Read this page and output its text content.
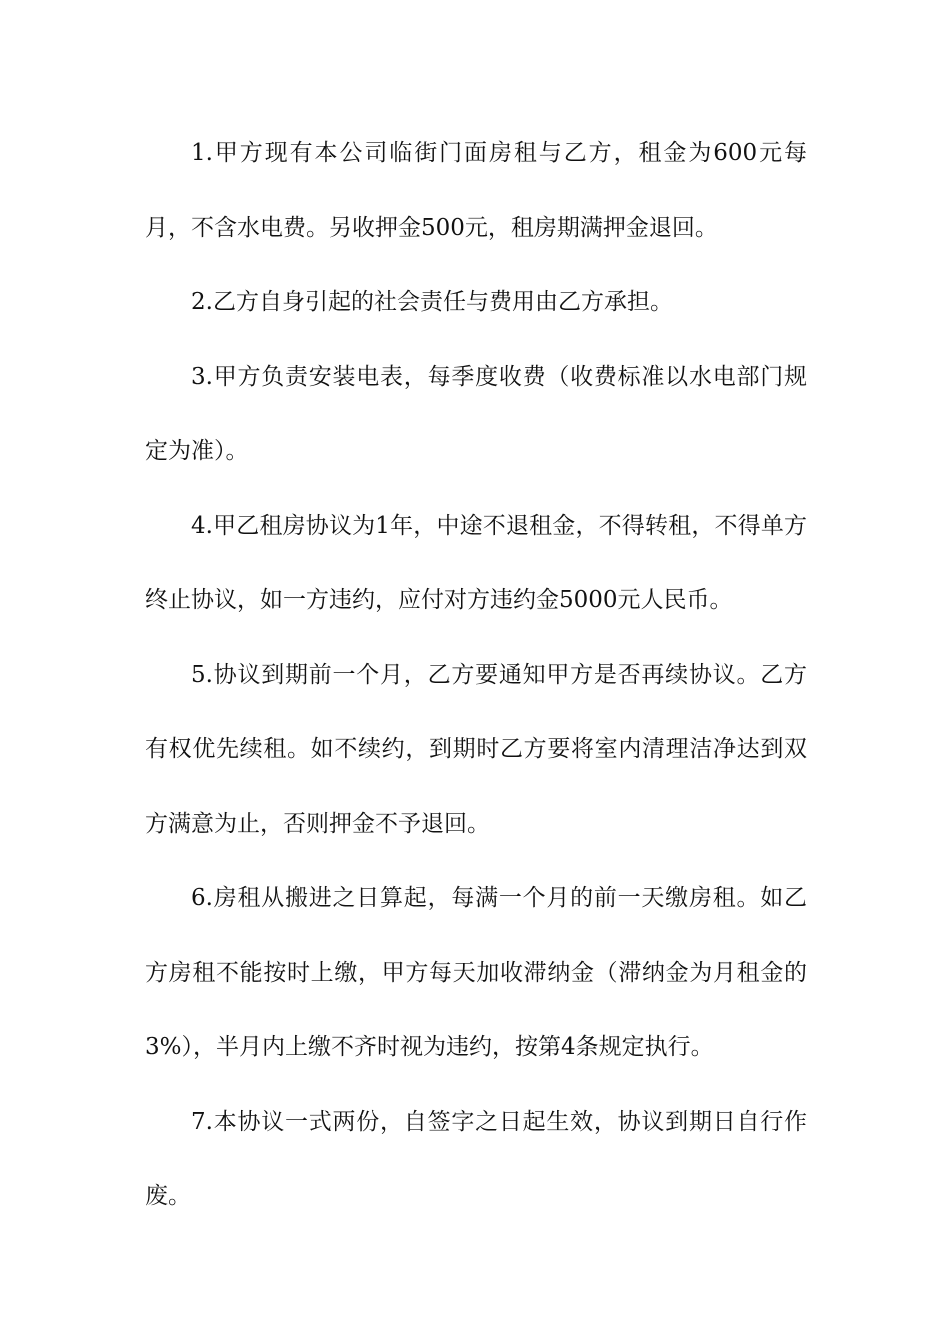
1.甲方现有本公司临街门面房租与乙方，租金为600元每月，不含水电费。另收押金500元，租房期满押金退回。

2.乙方自身引起的社会责任与费用由乙方承担。

3.甲方负责安装电表，每季度收费（收费标准以水电部门规定为准）。

4.甲乙租房协议为1年，中途不退租金，不得转租，不得单方终止协议，如一方违约，应付对方违约金5000元人民币。

5.协议到期前一个月，乙方要通知甲方是否再续协议。乙方有权优先续租。如不续约，到期时乙方要将室内清理洁净达到双方满意为止，否则押金不予退回。

6.房租从搬进之日算起，每满一个月的前一天缴房租。如乙方房租不能按时上缴，甲方每天加收滞纳金（滞纳金为月租金的3%），半月内上缴不齐时视为违约，按第4条规定执行。

7.本协议一式两份，自签字之日起生效，协议到期日自行作废。
